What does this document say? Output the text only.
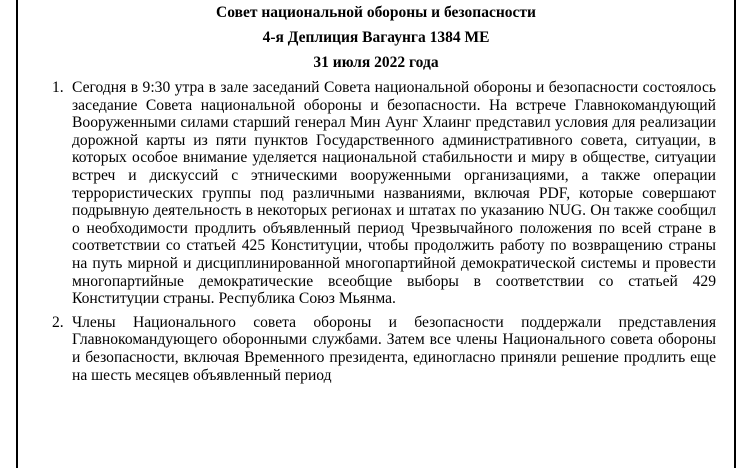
Совет национальной обороны и безопасности
4-я Деплиция Вагаунга 1384 ME
31 июля 2022 года
1. Сегодня в 9:30 утра в зале заседаний Совета национальной обороны и безопасности состоялось заседание Совета национальной обороны и безопасности. На встрече Главнокомандующий Вооруженными силами старший генерал Мин Аунг Хлаинг представил условия для реализации дорожной карты из пяти пунктов Государственного административного совета, ситуации, в которых особое внимание уделяется национальной стабильности и миру в обществе, ситуации встреч и дискуссий с этническими вооруженными организациями, а также операции террористических группы под различными названиями, включая PDF, которые совершают подрывную деятельность в некоторых регионах и штатах по указанию NUG. Он также сообщил о необходимости продлить объявленный период Чрезвычайного положения по всей стране в соответствии со статьей 425 Конституции, чтобы продолжить работу по возвращению страны на путь мирной и дисциплинированной многопартийной демократической системы и провести многопартийные демократические всеобщие выборы в соответствии со статьей 429 Конституции страны. Республика Союз Мьянма.
2. Члены Национального совета обороны и безопасности поддержали представления Главнокомандующего оборонными службами. Затем все члены Национального совета обороны и безопасности, включая Временного президента, единогласно приняли решение продлить еще на шесть месяцев объявленный период
